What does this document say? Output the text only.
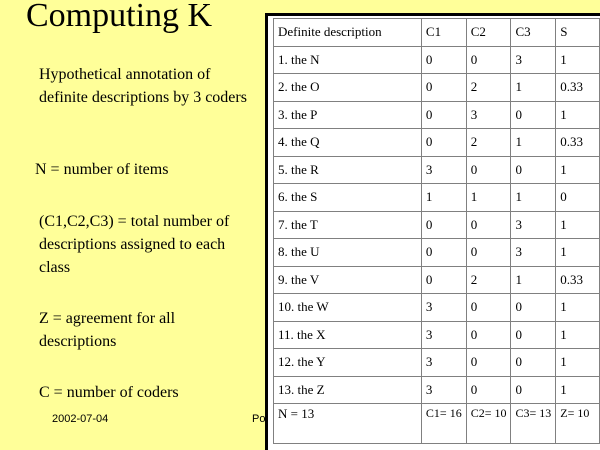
Computing K
Hypothetical annotation of definite descriptions by 3 coders
N = number of items
(C1,C2,C3) = total number of descriptions assigned to each class
Z = agreement for all descriptions
C = number of coders
2002-07-04	Po
Definite description	C1	C2	C3	S
1. the N	0	0	3	1
2. the O	0	2	1	0.33
3. the P	0	3	0	1
4. the Q	0	2	1	0.33
5. the R	3	0	0	1
6. the S	1	1	1	0
7. the T	0	0	3	1
8. the U	0	0	3	1
9. the V	0	2	1	0.33
10. the W	3	0	0	1
11. the X	3	0	0	1
12. the Y	3	0	0	1
13. the Z	3	0	0	1
N = 13	C1= 16	C2= 10	C3= 13	Z= 10
